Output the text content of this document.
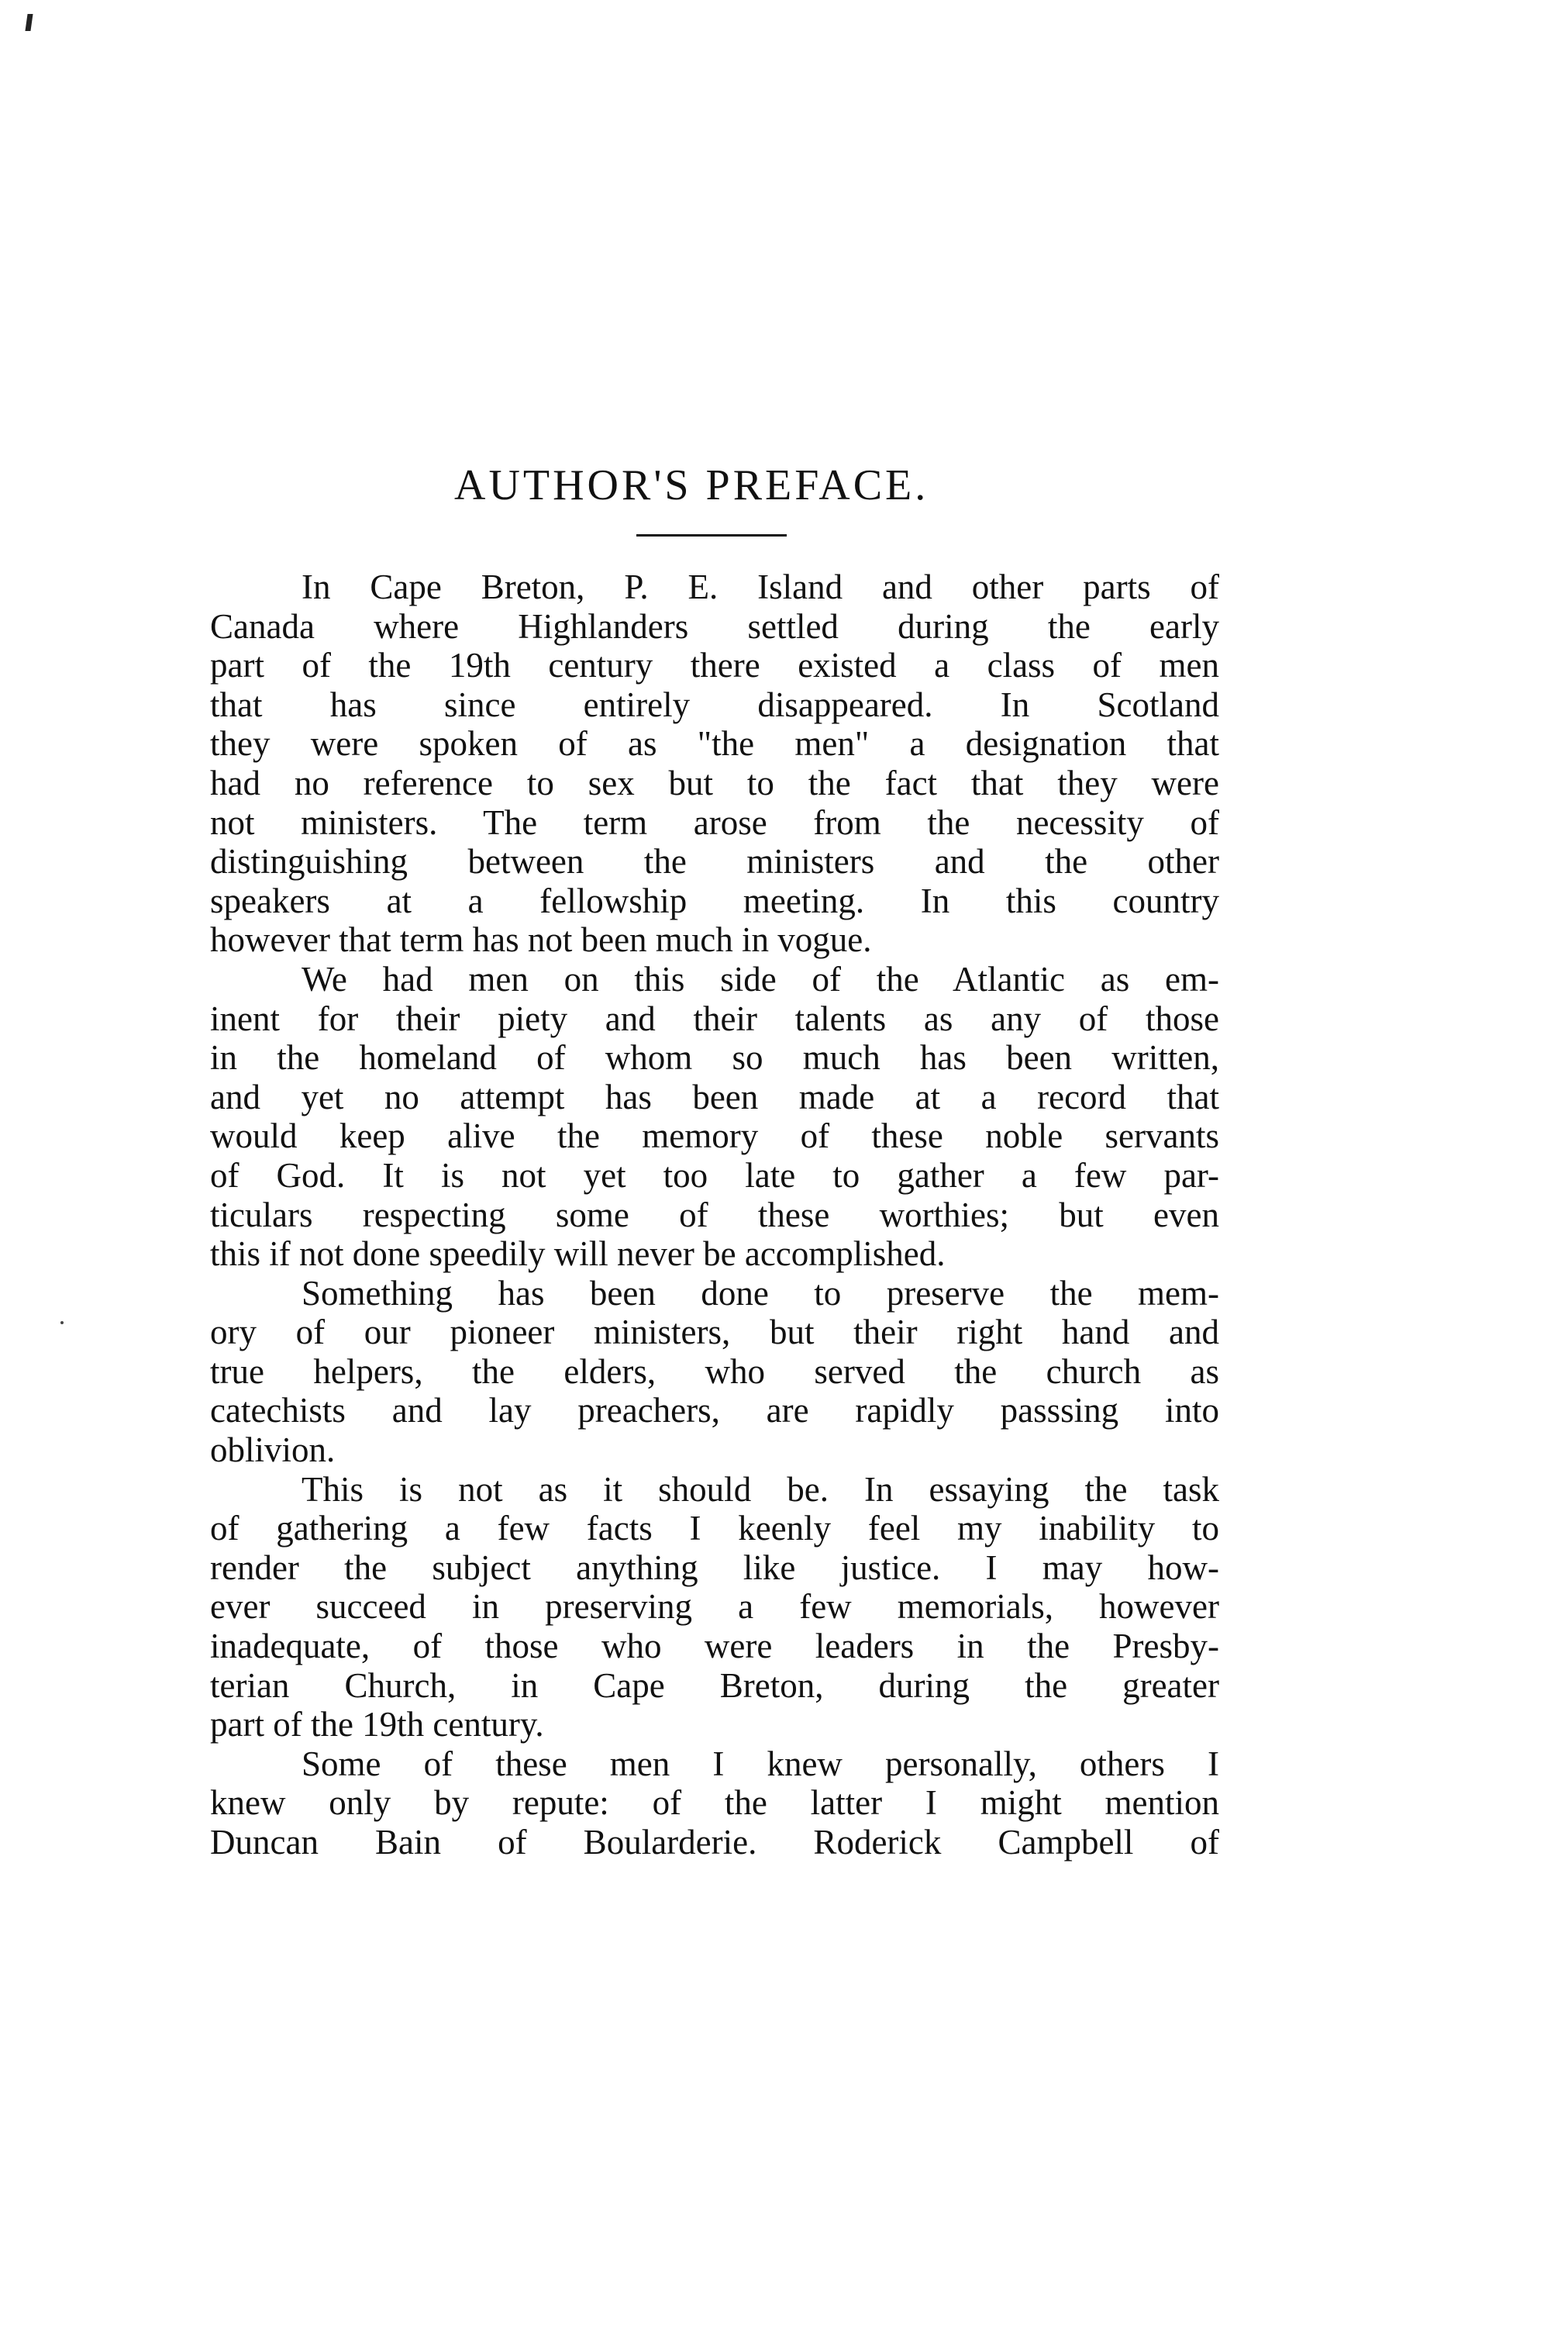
AUTHOR'S PREFACE.
In Cape Breton, P. E. Island and other parts of
Canada where Highlanders settled during the early
part of the 19th century there existed a class of men
that has since entirely disappeared. In Scotland
they were spoken of as "the men" a designation that
had no reference to sex but to the fact that they were
not ministers. The term arose from the necessity of
distinguishing between the ministers and the other
speakers at a fellowship meeting. In this country
however that term has not been much in vogue.
We had men on this side of the Atlantic as em-
inent for their piety and their talents as any of those
in the homeland of whom so much has been written,
and yet no attempt has been made at a record that
would keep alive the memory of these noble servants
of God. It is not yet too late to gather a few par-
ticulars respecting some of these worthies; but even
this if not done speedily will never be accomplished.
Something has been done to preserve the mem-
ory of our pioneer ministers, but their right hand and
true helpers, the elders, who served the church as
catechists and lay preachers, are rapidly passsing into
oblivion.
This is not as it should be. In essaying the task
of gathering a few facts I keenly feel my inability to
render the subject anything like justice. I may how-
ever succeed in preserving a few memorials, however
inadequate, of those who were leaders in the Presby-
terian Church, in Cape Breton, during the greater
part of the 19th century.
Some of these men I knew personally, others I
knew only by repute: of the latter I might mention
Duncan Bain of Boularderie. Roderick Campbell of
